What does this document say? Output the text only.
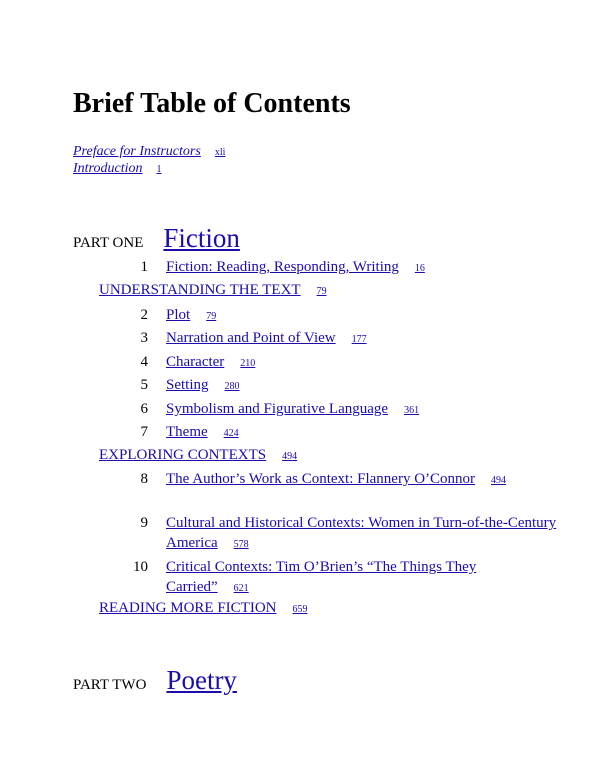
Brief Table of Contents
Preface for Instructors xli
Introduction 1
PART ONE Fiction
1 Fiction: Reading, Responding, Writing 16
UNDERSTANDING THE TEXT 79
2 Plot 79
3 Narration and Point of View 177
4 Character 210
5 Setting 280
6 Symbolism and Figurative Language 361
7 Theme 424
EXPLORING CONTEXTS 494
8 The Author’s Work as Context: Flannery O’Connor 494
9 Cultural and Historical Contexts: Women in Turn-of-the-Century America 578
10 Critical Contexts: Tim O’Brien’s “The Things They Carried” 621
READING MORE FICTION 659
PART TWO Poetry
